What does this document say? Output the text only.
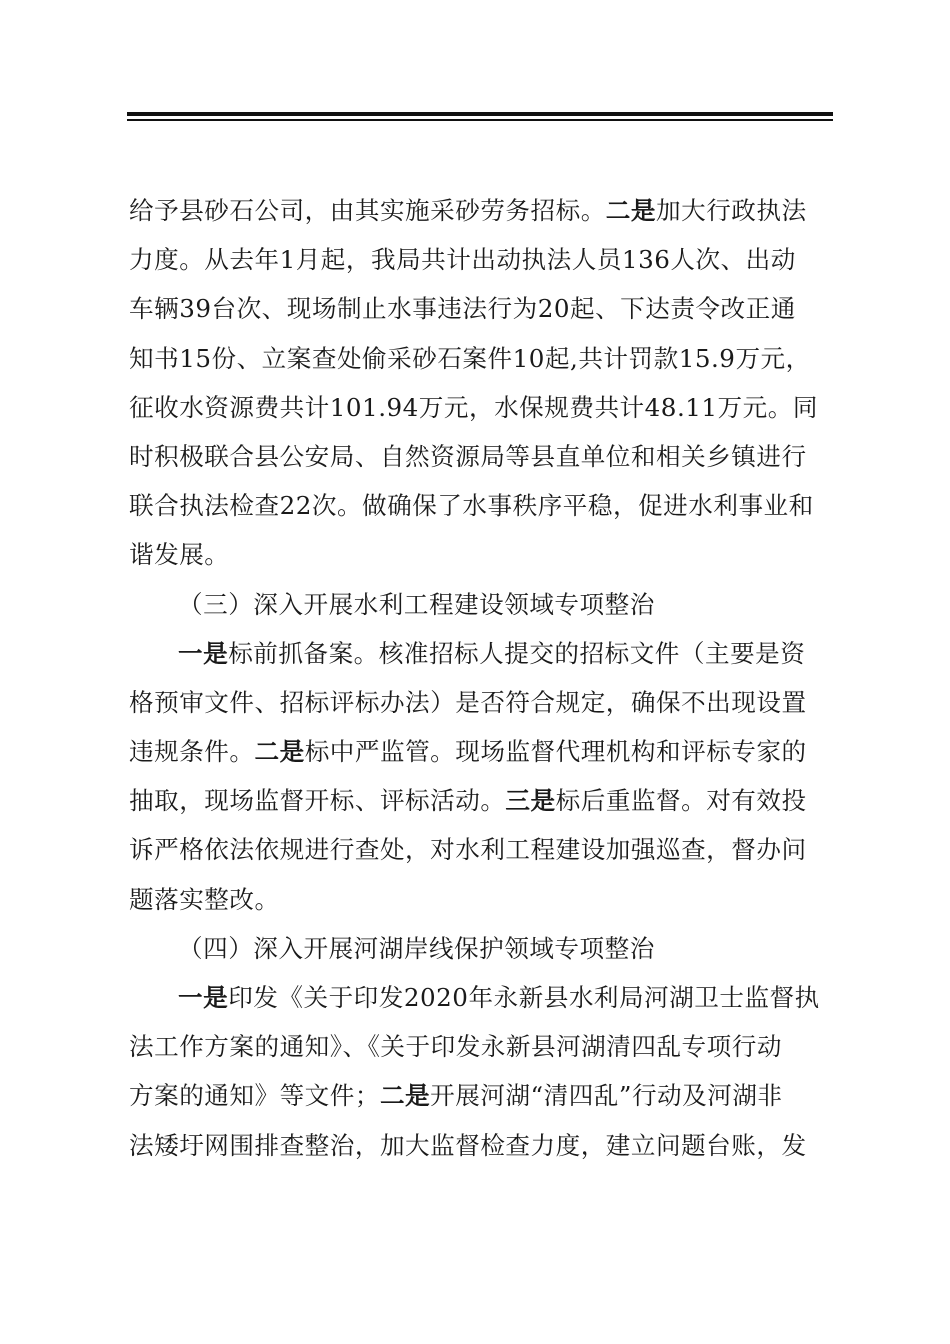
给予县砂石公司，由其实施采砂劳务招标。二是加大行政执法
力度。从去年1月起，我局共计出动执法人员136人次、出动
车辆39台次、现场制止水事违法行为20起、下达责令改正通
知书15份、立案查处偷采砂石案件10起,共计罚款15.9万元，
征收水资源费共计101.94万元，水保规费共计48.11万元。同
时积极联合县公安局、自然资源局等县直单位和相关乡镇进行
联合执法检查22次。做确保了水事秩序平稳，促进水利事业和
谐发展。
（三）深入开展水利工程建设领域专项整治
一是标前抓备案。核准招标人提交的招标文件（主要是资
格预审文件、招标评标办法）是否符合规定，确保不出现设置
违规条件。二是标中严监管。现场监督代理机构和评标专家的
抽取，现场监督开标、评标活动。三是标后重监督。对有效投
诉严格依法依规进行查处，对水利工程建设加强巡查，督办问
题落实整改。
（四）深入开展河湖岸线保护领域专项整治
一是印发《关于印发2020年永新县水利局河湖卫士监督执
法工作方案的通知》、《关于印发永新县河湖清四乱专项行动
方案的通知》等文件；二是开展河湖“清四乱”行动及河湖非
法矮圩网围排查整治，加大监督检查力度，建立问题台账，发
